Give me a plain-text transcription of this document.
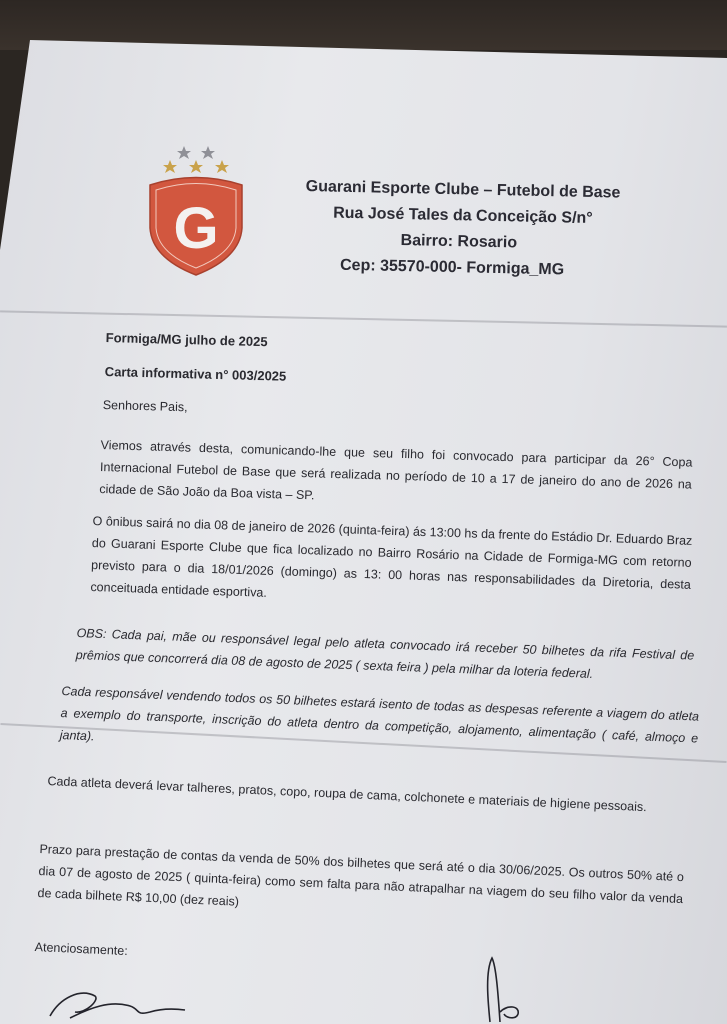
G
Guarani Esporte Clube – Futebol de Base
Rua José Tales da Conceição S/n°
Bairro: Rosario
Cep: 35570-000- Formiga_MG
Formiga/MG julho de 2025
Carta informativa n° 003/2025
Senhores Pais,
Viemos através desta, comunicando-lhe que seu filho foi convocado para participar da 26° Copa Internacional Futebol de Base que será realizada no período de 10 a 17 de janeiro do ano de 2026 na cidade de São João da Boa vista – SP.
O ônibus sairá no dia 08 de janeiro de 2026 (quinta-feira) ás 13:00 hs da frente do Estádio Dr. Eduardo Braz do Guarani Esporte Clube que fica localizado no Bairro Rosário na Cidade de Formiga-MG com retorno previsto para o dia 18/01/2026 (domingo) as 13: 00 horas nas responsabilidades da Diretoria, desta conceituada entidade esportiva.
OBS: Cada pai, mãe ou responsável legal pelo atleta convocado irá receber 50 bilhetes da rifa Festival de prêmios que concorrerá dia 08 de agosto de 2025 ( sexta feira ) pela milhar da loteria federal.
Cada responsável vendendo todos os 50 bilhetes estará isento de todas as despesas referente a viagem do atleta a exemplo do transporte, inscrição do atleta dentro da competição, alojamento, alimentação ( café, almoço e janta).
Cada atleta deverá levar talheres, pratos, copo, roupa de cama, colchonete e materiais de higiene pessoais.
Prazo para prestação de contas da venda de 50% dos bilhetes que será até o dia 30/06/2025. Os outros 50% até o dia 07 de agosto de 2025 ( quinta-feira) como sem falta para não atrapalhar na viagem do seu filho valor da venda de cada bilhete R$ 10,00 (dez reais)
Atenciosamente:
